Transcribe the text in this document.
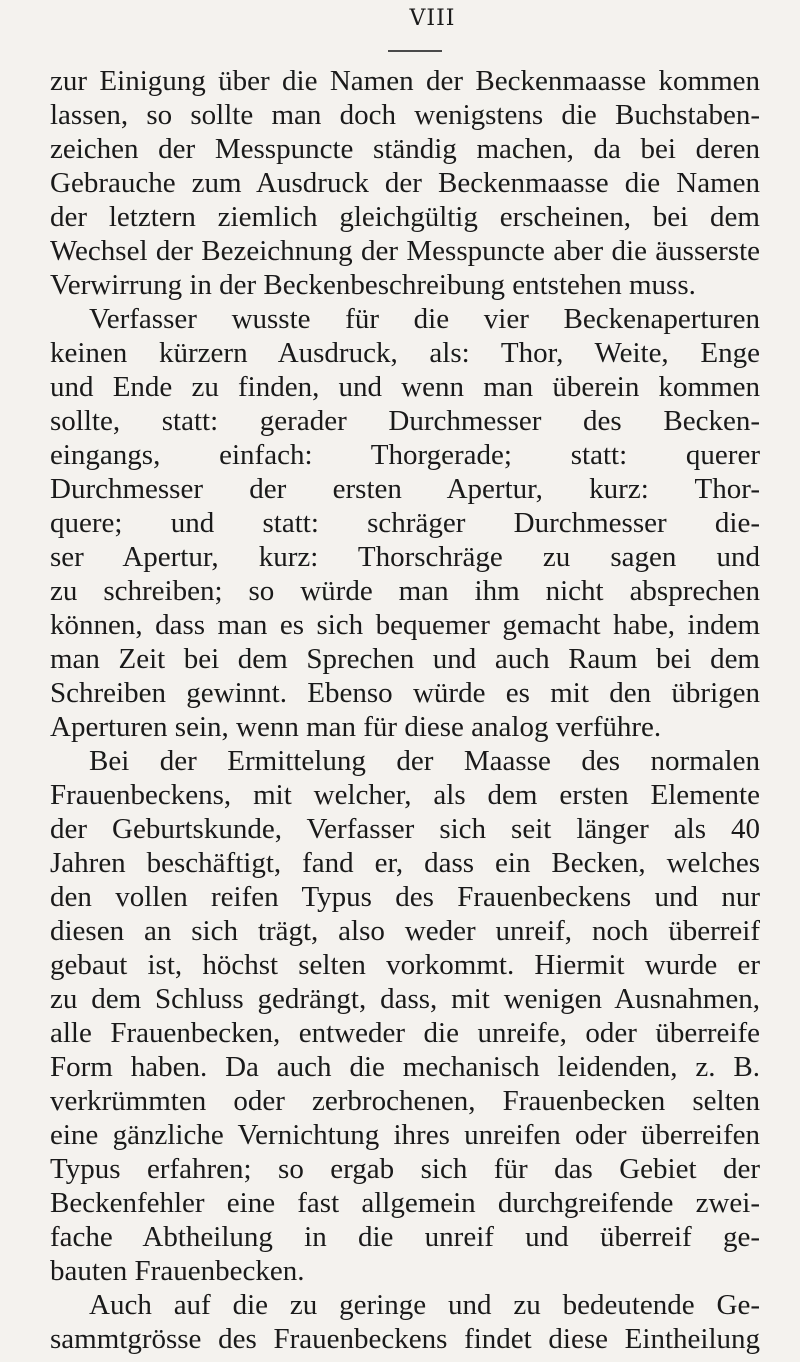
VIII
zur Einigung über die Namen der Beckenmaasse kommen
lassen, so sollte man doch wenigstens die Buchstaben-
zeichen der Messpuncte ständig machen, da bei deren
Gebrauche zum Ausdruck der Beckenmaasse die Namen
der letztern ziemlich gleichgültig erscheinen, bei dem
Wechsel der Bezeichnung der Messpuncte aber die äusserste
Verwirrung in der Beckenbeschreibung entstehen muss.
Verfasser wusste für die vier Beckenaperturen
keinen kürzern Ausdruck, als: Thor, Weite, Enge
und Ende zu finden, und wenn man überein kommen
sollte, statt: gerader Durchmesser des Becken-
eingangs, einfach: Thorgerade; statt: querer
Durchmesser der ersten Apertur, kurz: Thor-
quere; und statt: schräger Durchmesser die-
ser Apertur, kurz: Thorschräge zu sagen und
zu schreiben; so würde man ihm nicht absprechen
können, dass man es sich bequemer gemacht habe, indem
man Zeit bei dem Sprechen und auch Raum bei dem
Schreiben gewinnt. Ebenso würde es mit den übrigen
Aperturen sein, wenn man für diese analog verführe.
Bei der Ermittelung der Maasse des normalen
Frauenbeckens, mit welcher, als dem ersten Elemente
der Geburtskunde, Verfasser sich seit länger als 40
Jahren beschäftigt, fand er, dass ein Becken, welches
den vollen reifen Typus des Frauenbeckens und nur
diesen an sich trägt, also weder unreif, noch überreif
gebaut ist, höchst selten vorkommt. Hiermit wurde er
zu dem Schluss gedrängt, dass, mit wenigen Ausnahmen,
alle Frauenbecken, entweder die unreife, oder überreife
Form haben. Da auch die mechanisch leidenden, z. B.
verkrümmten oder zerbrochenen, Frauenbecken selten
eine gänzliche Vernichtung ihres unreifen oder überreifen
Typus erfahren; so ergab sich für das Gebiet der
Beckenfehler eine fast allgemein durchgreifende zwei-
fache Abtheilung in die unreif und überreif ge-
bauten Frauenbecken.
Auch auf die zu geringe und zu bedeutende Ge-
sammtgrösse des Frauenbeckens findet diese Eintheilung
